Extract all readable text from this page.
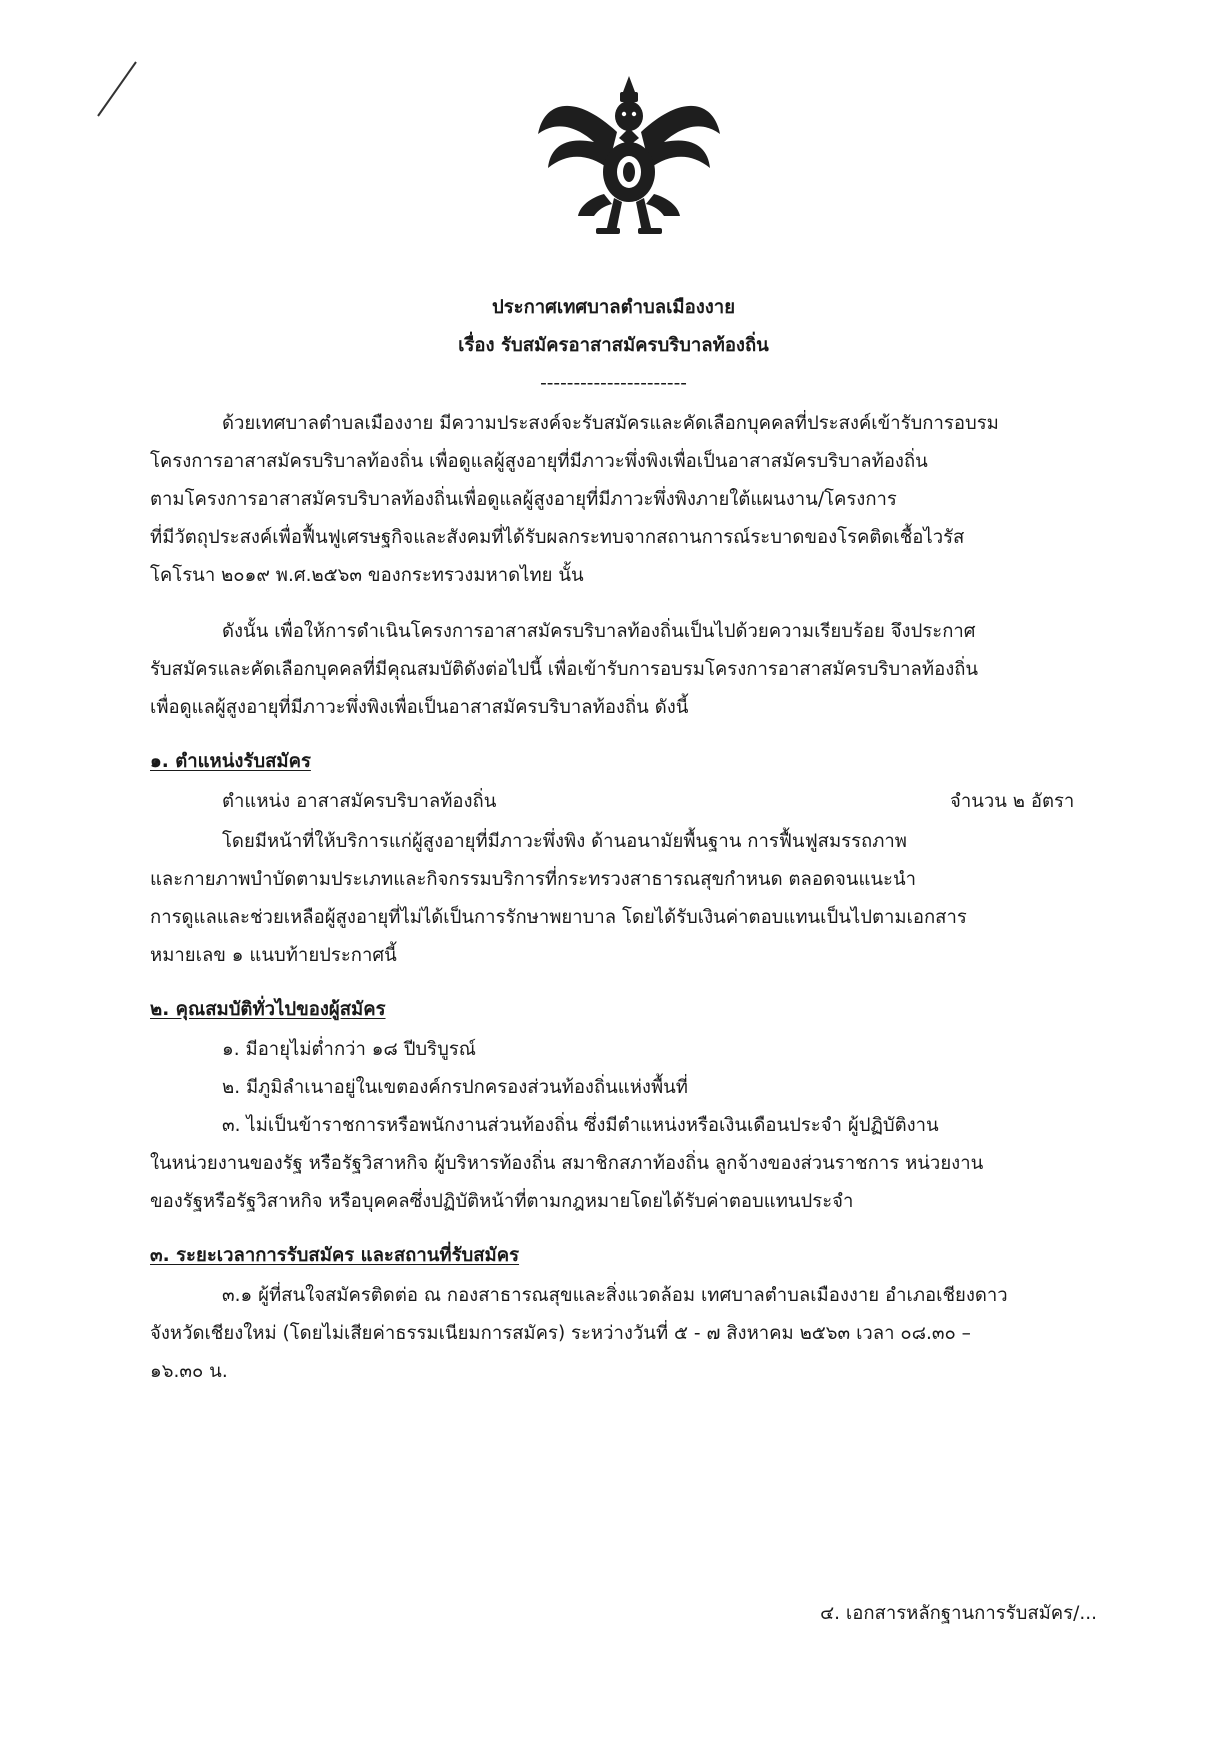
ประกาศเทศบาลตำบลเมืองงาย
เรื่อง รับสมัครอาสาสมัครบริบาลท้องถิ่น
----------------------
ด้วยเทศบาลตำบลเมืองงาย มีความประสงค์จะรับสมัครและคัดเลือกบุคคลที่ประสงค์เข้ารับการอบรม
โครงการอาสาสมัครบริบาลท้องถิ่น เพื่อดูแลผู้สูงอายุที่มีภาวะพึ่งพิงเพื่อเป็นอาสาสมัครบริบาลท้องถิ่น
ตามโครงการอาสาสมัครบริบาลท้องถิ่นเพื่อดูแลผู้สูงอายุที่มีภาวะพึ่งพิงภายใต้แผนงาน/โครงการ
ที่มีวัตถุประสงค์เพื่อฟื้นฟูเศรษฐกิจและสังคมที่ได้รับผลกระทบจากสถานการณ์ระบาดของโรคติดเชื้อไวรัส
โคโรนา ๒๐๑๙ พ.ศ.๒๕๖๓ ของกระทรวงมหาดไทย นั้น
ดังนั้น เพื่อให้การดำเนินโครงการอาสาสมัครบริบาลท้องถิ่นเป็นไปด้วยความเรียบร้อย จึงประกาศ
รับสมัครและคัดเลือกบุคคลที่มีคุณสมบัติดังต่อไปนี้ เพื่อเข้ารับการอบรมโครงการอาสาสมัครบริบาลท้องถิ่น
เพื่อดูแลผู้สูงอายุที่มีภาวะพึ่งพิงเพื่อเป็นอาสาสมัครบริบาลท้องถิ่น ดังนี้
๑. ตำแหน่งรับสมัคร
ตำแหน่ง อาสาสมัครบริบาลท้องถิ่น	จำนวน ๒ อัตรา
โดยมีหน้าที่ให้บริการแก่ผู้สูงอายุที่มีภาวะพึ่งพิง ด้านอนามัยพื้นฐาน การฟื้นฟูสมรรถภาพ
และกายภาพบำบัดตามประเภทและกิจกรรมบริการที่กระทรวงสาธารณสุขกำหนด ตลอดจนแนะนำ
การดูแลและช่วยเหลือผู้สูงอายุที่ไม่ได้เป็นการรักษาพยาบาล โดยได้รับเงินค่าตอบแทนเป็นไปตามเอกสาร
หมายเลข ๑ แนบท้ายประกาศนี้
๒. คุณสมบัติทั่วไปของผู้สมัคร
๑. มีอายุไม่ต่ำกว่า ๑๘ ปีบริบูรณ์
๒. มีภูมิลำเนาอยู่ในเขตองค์กรปกครองส่วนท้องถิ่นแห่งพื้นที่
๓. ไม่เป็นข้าราชการหรือพนักงานส่วนท้องถิ่น ซึ่งมีตำแหน่งหรือเงินเดือนประจำ ผู้ปฏิบัติงาน
ในหน่วยงานของรัฐ หรือรัฐวิสาหกิจ ผู้บริหารท้องถิ่น สมาชิกสภาท้องถิ่น ลูกจ้างของส่วนราชการ หน่วยงาน
ของรัฐหรือรัฐวิสาหกิจ หรือบุคคลซึ่งปฏิบัติหน้าที่ตามกฎหมายโดยได้รับค่าตอบแทนประจำ
๓. ระยะเวลาการรับสมัคร และสถานที่รับสมัคร
๓.๑ ผู้ที่สนใจสมัครติดต่อ ณ กองสาธารณสุขและสิ่งแวดล้อม เทศบาลตำบลเมืองงาย อำเภอเชียงดาว
จังหวัดเชียงใหม่ (โดยไม่เสียค่าธรรมเนียมการสมัคร) ระหว่างวันที่ ๕ - ๗ สิงหาคม ๒๕๖๓ เวลา ๐๘.๓๐ –
๑๖.๓๐ น.
๔. เอกสารหลักฐานการรับสมัคร/...
